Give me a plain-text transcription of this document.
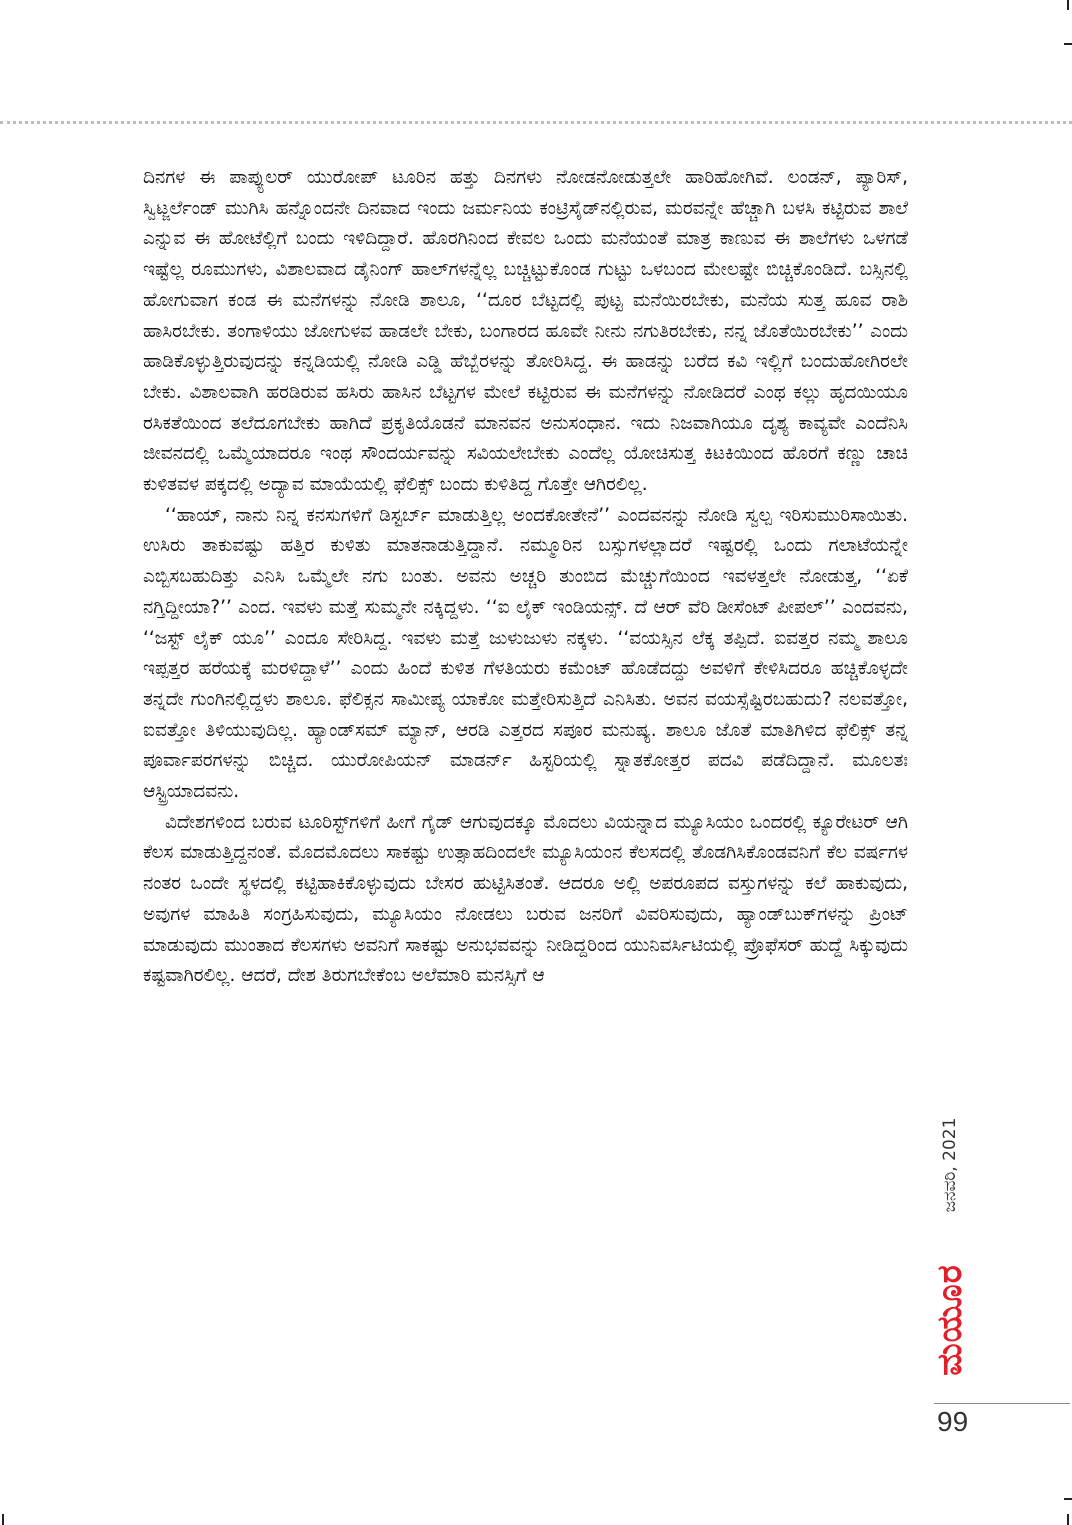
ದಿನಗಳ ಈ ಪಾಪ್ಯುಲರ್ ಯುರೋಪ್ ಟೂರಿನ ಹತ್ತು ದಿನಗಳು ನೋಡನೋಡುತ್ತಲೇ ಹಾರಿಹೋಗಿವೆ. ಲಂಡನ್, ಪ್ಯಾರಿಸ್, ಸ್ವಿಟ್ಜರ್ಲೆಂಡ್ ಮುಗಿಸಿ ಹನ್ನೊಂದನೇ ದಿನವಾದ ಇಂದು ಜರ್ಮನಿಯ ಕಂಟ್ರಿಸೈಡ್‌ನಲ್ಲಿರುವ, ಮರವನ್ನೇ ಹೆಚ್ಚಾಗಿ ಬಳಸಿ ಕಟ್ಟಿರುವ ಶಾಲೆ ಎನ್ನುವ ಈ ಹೋಟೆಲ್ಲಿಗೆ ಬಂದು ಇಳಿದಿದ್ದಾರೆ. ಹೊರಗಿನಿಂದ ಕೇವಲ ಒಂದು ಮನೆಯಂತೆ ಮಾತ್ರ ಕಾಣುವ ಈ ಶಾಲೆಗಳು ಒಳಗಡೆ ಇಷ್ಟೆಲ್ಲ ರೂಮುಗಳು, ವಿಶಾಲವಾದ ಡೈನಿಂಗ್ ಹಾಲ್‌ಗಳನ್ನೆಲ್ಲ ಬಚ್ಚಿಟ್ಟುಕೊಂಡ ಗುಟ್ಟು ಒಳಬಂದ ಮೇಲಷ್ಟೇ ಬಿಚ್ಚಿಕೊಂಡಿದೆ. ಬಸ್ಸಿನಲ್ಲಿ ಹೋಗುವಾಗ ಕಂಡ ಈ ಮನೆಗಳನ್ನು ನೋಡಿ ಶಾಲೂ, ‘‘ದೂರ ಬೆಟ್ಟದಲ್ಲಿ ಪುಟ್ಟ ಮನೆಯಿರಬೇಕು, ಮನೆಯ ಸುತ್ತ ಹೂವ ರಾಶಿ ಹಾಸಿರಬೇಕು. ತಂಗಾಳಿಯು ಜೋಗುಳವ ಹಾಡಲೇ ಬೇಕು, ಬಂಗಾರದ ಹೂವೇ ನೀನು ನಗುತಿರಬೇಕು, ನನ್ನ ಜೊತೆಯಿರಬೇಕು’’ ಎಂದು ಹಾಡಿಕೊಳ್ಳುತ್ತಿರುವುದನ್ನು ಕನ್ನಡಿಯಲ್ಲಿ ನೋಡಿ ಎಡ್ಡಿ ಹೆಬ್ಬೆರಳನ್ನು ತೋರಿಸಿದ್ದ. ಈ ಹಾಡನ್ನು ಬರೆದ ಕವಿ ಇಲ್ಲಿಗೆ ಬಂದುಹೋಗಿರಲೇ ಬೇಕು. ವಿಶಾಲವಾಗಿ ಹರಡಿರುವ ಹಸಿರು ಹಾಸಿನ ಬೆಟ್ಟಗಳ ಮೇಲೆ ಕಟ್ಟಿರುವ ಈ ಮನೆಗಳನ್ನು ನೋಡಿದರೆ ಎಂಥ ಕಲ್ಲು ಹೃದಯಿಯೂ ರಸಿಕತೆಯಿಂದ ತಲೆದೂಗಬೇಕು ಹಾಗಿದೆ ಪ್ರಕೃತಿಯೊಡನೆ ಮಾನವನ ಅನುಸಂಧಾನ. ಇದು ನಿಜವಾಗಿಯೂ ದೃಶ್ಯ ಕಾವ್ಯವೇ ಎಂದೆನಿಸಿ ಜೀವನದಲ್ಲಿ ಒಮ್ಮೆಯಾದರೂ ಇಂಥ ಸೌಂದರ್ಯವನ್ನು ಸವಿಯಲೇಬೇಕು ಎಂದೆಲ್ಲ ಯೋಚಿಸುತ್ತ ಕಿಟಕಿಯಿಂದ ಹೊರಗೆ ಕಣ್ಣು ಚಾಚಿ ಕುಳಿತವಳ ಪಕ್ಕದಲ್ಲಿ ಅದ್ಯಾವ ಮಾಯೆಯಲ್ಲಿ ಫೆಲಿಕ್ಸ್ ಬಂದು ಕುಳಿತಿದ್ದ ಗೊತ್ತೇ ಆಗಿರಲಿಲ್ಲ.

‘‘ಹಾಯ್, ನಾನು ನಿನ್ನ ಕನಸುಗಳಿಗೆ ಡಿಸ್ಟರ್ಬ್ ಮಾಡುತ್ತಿಲ್ಲ ಅಂದಕೋತೇನೆ’’ ಎಂದವನನ್ನು ನೋಡಿ ಸ್ವಲ್ಪ ಇರಿಸುಮುರಿಸಾಯಿತು. ಉಸಿರು ತಾಕುವಷ್ಟು ಹತ್ತಿರ ಕುಳಿತು ಮಾತನಾಡುತ್ತಿದ್ದಾನೆ. ನಮ್ಮೂರಿನ ಬಸ್ಸುಗಳಲ್ಲಾದರೆ ಇಷ್ಟರಲ್ಲಿ ಒಂದು ಗಲಾಟೆಯನ್ನೇ ಎಬ್ಬಿಸಬಹುದಿತ್ತು ಎನಿಸಿ ಒಮ್ಮೆಲೇ ನಗು ಬಂತು. ಅವನು ಅಚ್ಚರಿ ತುಂಬಿದ ಮೆಚ್ಚುಗೆಯಿಂದ ಇವಳತ್ತಲೇ ನೋಡುತ್ತ, ‘‘ಏಕೆ ನಗ್ತಿದ್ದೀಯಾ?’’ ಎಂದ. ಇವಳು ಮತ್ತೆ ಸುಮ್ಮನೇ ನಕ್ಕಿದ್ದಳು. ‘‘ಐ ಲೈಕ್ ಇಂಡಿಯನ್ಸ್. ದೆ ಆರ್ ವೆರಿ ಡೀಸೆಂಟ್ ಪೀಪಲ್’’ ಎಂದವನು, ‘‘ಜಸ್ಟ್ ಲೈಕ್ ಯೂ’’ ಎಂದೂ ಸೇರಿಸಿದ್ದ. ಇವಳು ಮತ್ತೆ ಜುಳುಜುಳು ನಕ್ಕಳು. ‘‘ವಯಸ್ಸಿನ ಲೆಕ್ಕ ತಪ್ಪಿದೆ. ಐವತ್ತರ ನಮ್ಮ ಶಾಲೂ ಇಪ್ಪತ್ತರ ಹರೆಯಕ್ಕೆ ಮರಳಿದ್ದಾಳೆ’’ ಎಂದು ಹಿಂದೆ ಕುಳಿತ ಗೆಳತಿಯರು ಕಮೆಂಟ್ ಹೊಡೆದದ್ದು ಅವಳಿಗೆ ಕೇಳಿಸಿದರೂ ಹಚ್ಚಿಕೊಳ್ಳದೇ ತನ್ನದೇ ಗುಂಗಿನಲ್ಲಿದ್ದಳು ಶಾಲೂ. ಫೆಲಿಕ್ಸನ ಸಾಮೀಪ್ಯ ಯಾಕೋ ಮತ್ತೇರಿಸುತ್ತಿದೆ ಎನಿಸಿತು. ಅವನ ವಯಸ್ಸೆಷ್ಟಿರಬಹುದು? ನಲವತ್ತೋ, ಐವತ್ತೋ ತಿಳಿಯುವುದಿಲ್ಲ. ಹ್ಯಾಂಡ್‌ಸಮ್ ಮ್ಯಾನ್, ಆರಡಿ ಎತ್ತರದ ಸಪೂರ ಮನುಷ್ಯ. ಶಾಲೂ ಜೊತೆ ಮಾತಿಗಿಳಿದ ಫೆಲಿಕ್ಸ್ ತನ್ನ ಪೂರ್ವಾಪರಗಳನ್ನು ಬಿಚ್ಚಿದ. ಯುರೋಪಿಯನ್ ಮಾಡರ್ನ್ ಹಿಸ್ಟರಿಯಲ್ಲಿ ಸ್ನಾತಕೋತ್ತರ ಪದವಿ ಪಡೆದಿದ್ದಾನೆ. ಮೂಲತಃ ಆಸ್ಟ್ರಿಯಾದವನು.

ವಿದೇಶಗಳಿಂದ ಬರುವ ಟೂರಿಸ್ಟ್‌ಗಳಿಗೆ ಹೀಗೆ ಗೈಡ್ ಆಗುವುದಕ್ಕೂ ಮೊದಲು ವಿಯನ್ನಾದ ಮ್ಯೂಸಿಯಂ ಒಂದರಲ್ಲಿ ಕ್ಯೂರೇಟರ್ ಆಗಿ ಕೆಲಸ ಮಾಡುತ್ತಿದ್ದನಂತೆ. ಮೊದಮೊದಲು ಸಾಕಷ್ಟು ಉತ್ಸಾಹದಿಂದಲೇ ಮ್ಯೂಸಿಯಂನ ಕೆಲಸದಲ್ಲಿ ತೊಡಗಿಸಿಕೊಂಡವನಿಗೆ ಕೆಲ ವರ್ಷಗಳ ನಂತರ ಒಂದೇ ಸ್ಥಳದಲ್ಲಿ ಕಟ್ಟಿಹಾಕಿಕೊಳ್ಳುವುದು ಬೇಸರ ಹುಟ್ಟಿಸಿತಂತೆ. ಆದರೂ ಅಲ್ಲಿ ಅಪರೂಪದ ವಸ್ತುಗಳನ್ನು ಕಲೆ ಹಾಕುವುದು, ಅವುಗಳ ಮಾಹಿತಿ ಸಂಗ್ರಹಿಸುವುದು, ಮ್ಯೂಸಿಯಂ ನೋಡಲು ಬರುವ ಜನರಿಗೆ ವಿವರಿಸುವುದು, ಹ್ಯಾಂಡ್‌ಬುಕ್‌ಗಳನ್ನು ಪ್ರಿಂಟ್ ಮಾಡುವುದು ಮುಂತಾದ ಕೆಲಸಗಳು ಅವನಿಗೆ ಸಾಕಷ್ಟು ಅನುಭವವನ್ನು ನೀಡಿದ್ದರಿಂದ ಯುನಿವರ್ಸಿಟಿಯಲ್ಲಿ ಪ್ರೊಫೆಸರ್ ಹುದ್ದೆ ಸಿಕ್ಕುವುದು ಕಷ್ಟವಾಗಿರಲಿಲ್ಲ. ಆದರೆ, ದೇಶ ತಿರುಗಬೇಕೆಂಬ ಅಲೆಮಾರಿ ಮನಸ್ಸಿಗೆ ಆ

ಜನವರಿ, 2021
ಮಯೂರ
99
